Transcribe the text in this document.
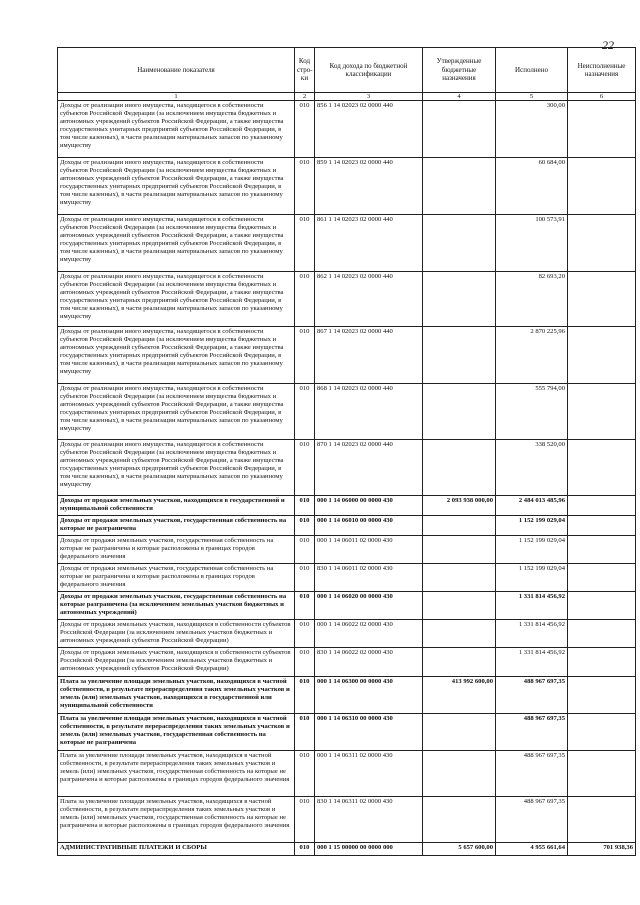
22
Наименование показателя	Код стро-ки	Код дохода по бюджетной классификации	Утвержденные бюджетные назначения	Исполнено	Неисполненные назначения
1	2	3	4	5	6
Доходы от реализации иного имущества, находящегося в собственности субъектов Российской Федерации (за исключением имущества бюджетных и автономных учреждений субъектов Российской Федерации, а также имущества государственных унитарных предприятий субъектов Российской Федерации, в том числе казенных), в части реализации материальных запасов по указанному имуществу	010	856 1 14 02023 02 0000 440		300,00	
Доходы от реализации иного имущества, находящегося в собственности субъектов Российской Федерации (за исключением имущества бюджетных и автономных учреждений субъектов Российской Федерации, а также имущества государственных унитарных предприятий субъектов Российской Федерации, в том числе казенных), в части реализации материальных запасов по указанному имуществу	010	859 1 14 02023 02 0000 440		60 684,00	
Доходы от реализации иного имущества, находящегося в собственности субъектов Российской Федерации (за исключением имущества бюджетных и автономных учреждений субъектов Российской Федерации, а также имущества государственных унитарных предприятий субъектов Российской Федерации, в том числе казенных), в части реализации материальных запасов по указанному имуществу	010	861 1 14 02023 02 0000 440		100 573,91	
Доходы от реализации иного имущества, находящегося в собственности субъектов Российской Федерации (за исключением имущества бюджетных и автономных учреждений субъектов Российской Федерации, а также имущества государственных унитарных предприятий субъектов Российской Федерации, в том числе казенных), в части реализации материальных запасов по указанному имуществу	010	862 1 14 02023 02 0000 440		82 693,20	
Доходы от реализации иного имущества, находящегося в собственности субъектов Российской Федерации (за исключением имущества бюджетных и автономных учреждений субъектов Российской Федерации, а также имущества государственных унитарных предприятий субъектов Российской Федерации, в том числе казенных), в части реализации материальных запасов по указанному имуществу	010	867 1 14 02023 02 0000 440		2 870 225,96	
Доходы от реализации иного имущества, находящегося в собственности субъектов Российской Федерации (за исключением имущества бюджетных и автономных учреждений субъектов Российской Федерации, а также имущества государственных унитарных предприятий субъектов Российской Федерации, в том числе казенных), в части реализации материальных запасов по указанному имуществу	010	868 1 14 02023 02 0000 440		555 794,00	
Доходы от реализации иного имущества, находящегося в собственности субъектов Российской Федерации (за исключением имущества бюджетных и автономных учреждений субъектов Российской Федерации, а также имущества государственных унитарных предприятий субъектов Российской Федерации, в том числе казенных), в части реализации материальных запасов по указанному имуществу	010	870 1 14 02023 02 0000 440		338 520,00	
Доходы от продажи земельных участков, находящихся в государственной и муниципальной собственности	010	000 1 14 06000 00 0000 430	2 093 938 000,00	2 484 013 485,96	
Доходы от продажи земельных участков, государственная собственность на которые не разграничена	010	000 1 14 06010 00 0000 430		1 152 199 029,04	
Доходы от продажи земельных участков, государственная собственность на которые не разграничена и которые расположены в границах городов федерального значения	010	000 1 14 06011 02 0000 430		1 152 199 029,04	
Доходы от продажи земельных участков, государственная собственность на которые не разграничена и которые расположены в границах городов федерального значения	010	830 1 14 06011 02 0000 430		1 152 199 029,04	
Доходы от продажи земельных участков, государственная собственность на которые разграничена (за исключением земельных участков бюджетных и автономных учреждений)	010	000 1 14 06020 00 0000 430		1 331 814 456,92	
Доходы от продажи земельных участков, находящихся в собственности субъектов Российской Федерации (за исключением земельных участков бюджетных и автономных учреждений субъектов Российской Федерации)	010	000 1 14 06022 02 0000 430		1 331 814 456,92	
Доходы от продажи земельных участков, находящихся в собственности субъектов Российской Федерации (за исключением земельных участков бюджетных и автономных учреждений субъектов Российской Федерации)	010	830 1 14 06022 02 0000 430		1 331 814 456,92	
Плата за увеличение площади земельных участков, находящихся в частной собственности, в результате перераспределения таких земельных участков и земель (или) земельных участков, находящихся в государственной или муниципальной собственности	010	000 1 14 06300 00 0000 430	413 992 600,00	488 967 697,35	
Плата за увеличение площади земельных участков, находящихся в частной собственности, в результате перераспределения таких земельных участков и земель (или) земельных участков, государственная собственность на которые не разграничена	010	000 1 14 06310 00 0000 430		488 967 697,35	
Плата за увеличение площади земельных участков, находящихся в частной собственности, в результате перераспределения таких земельных участков и земель (или) земельных участков, государственная собственность на которые не разграничена и которые расположены в границах городов федерального значения	010	000 1 14 06311 02 0000 430		488 967 697,35	
Плата за увеличение площади земельных участков, находящихся в частной собственности, в результате перераспределения таких земельных участков и земель (или) земельных участков, государственная собственность на которые не разграничена и которые расположены в границах городов федерального значения	010	830 1 14 06311 02 0000 430		488 967 697,35	
АДМИНИСТРАТИВНЫЕ ПЛАТЕЖИ И СБОРЫ	010	000 1 15 00000 00 0000 000	5 657 600,00	4 955 661,64	701 938,36
